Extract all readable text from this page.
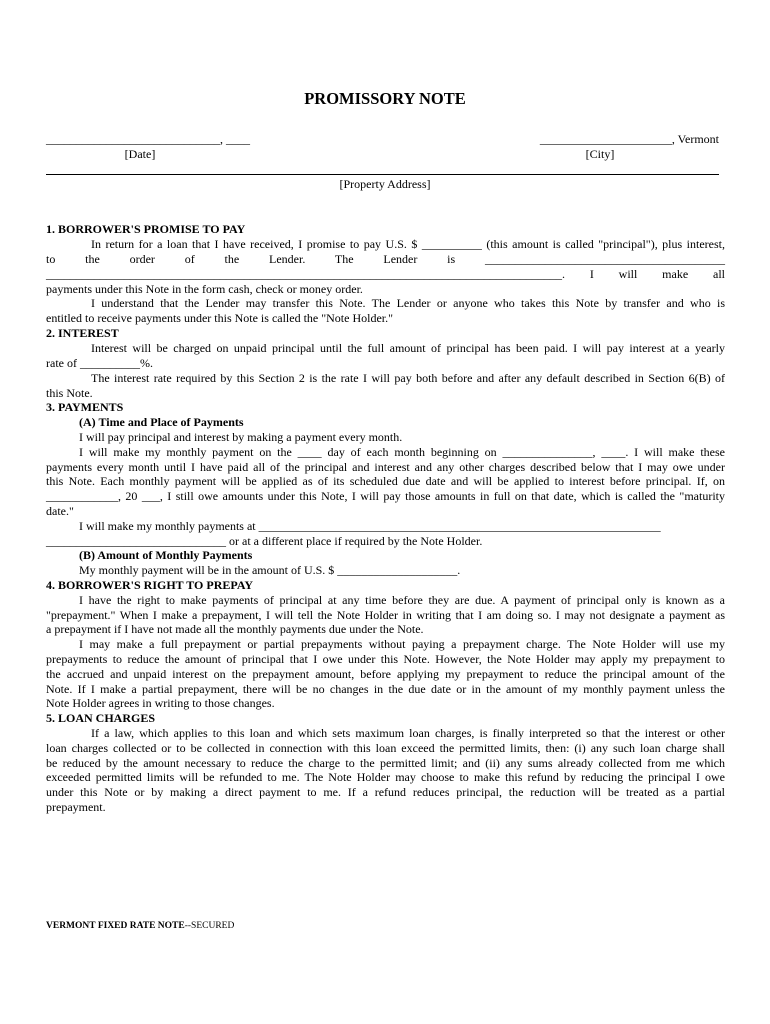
PROMISSORY NOTE
_____________________________, ____	______________________, Vermont
[Date]	[City]
[Property Address]
1. BORROWER'S PROMISE TO PAY
In return for a loan that I have received, I promise to pay U.S. $ __________ (this amount is called "principal"), plus interest,
to the order of the Lender. The Lender is ________________________________________
______________________________________________________________________________________. I will make all
payments under this Note in the form cash, check or money order.
I understand that the Lender may transfer this Note. The Lender or anyone who takes this Note by transfer and who is
entitled to receive payments under this Note is called the "Note Holder."
2. INTEREST
Interest will be charged on unpaid principal until the full amount of principal has been paid. I will pay interest at a yearly
rate of __________%.
The interest rate required by this Section 2 is the rate I will pay both before and after any default described in Section 6(B) of
this Note.
3. PAYMENTS
(A) Time and Place of Payments
I will pay principal and interest by making a payment every month.
I will make my monthly payment on the ____ day of each month beginning on _______________, ____. I will make these
payments every month until I have paid all of the principal and interest and any other charges described below that I may owe under
this Note. Each monthly payment will be applied as of its scheduled due date and will be applied to interest before principal. If, on
____________, 20 ___, I still owe amounts under this Note, I will pay those amounts in full on that date, which is called the "maturity
date."
I will make my monthly payments at ___________________________________________________________________
______________________________ or at a different place if required by the Note Holder.
(B) Amount of Monthly Payments
My monthly payment will be in the amount of U.S. $ ____________________.
4. BORROWER'S RIGHT TO PREPAY
I have the right to make payments of principal at any time before they are due. A payment of principal only is known as a
"prepayment." When I make a prepayment, I will tell the Note Holder in writing that I am doing so. I may not designate a payment as
a prepayment if I have not made all the monthly payments due under the Note.
I may make a full prepayment or partial prepayments without paying a prepayment charge. The Note Holder will use my
prepayments to reduce the amount of principal that I owe under this Note. However, the Note Holder may apply my prepayment to
the accrued and unpaid interest on the prepayment amount, before applying my prepayment to reduce the principal amount of the
Note. If I make a partial prepayment, there will be no changes in the due date or in the amount of my monthly payment unless the
Note Holder agrees in writing to those changes.
5. LOAN CHARGES
If a law, which applies to this loan and which sets maximum loan charges, is finally interpreted so that the interest or other
loan charges collected or to be collected in connection with this loan exceed the permitted limits, then: (i) any such loan charge shall
be reduced by the amount necessary to reduce the charge to the permitted limit; and (ii) any sums already collected from me which
exceeded permitted limits will be refunded to me. The Note Holder may choose to make this refund by reducing the principal I owe
under this Note or by making a direct payment to me. If a refund reduces principal, the reduction will be treated as a partial
prepayment.
VERMONT FIXED RATE NOTE--SECURED
